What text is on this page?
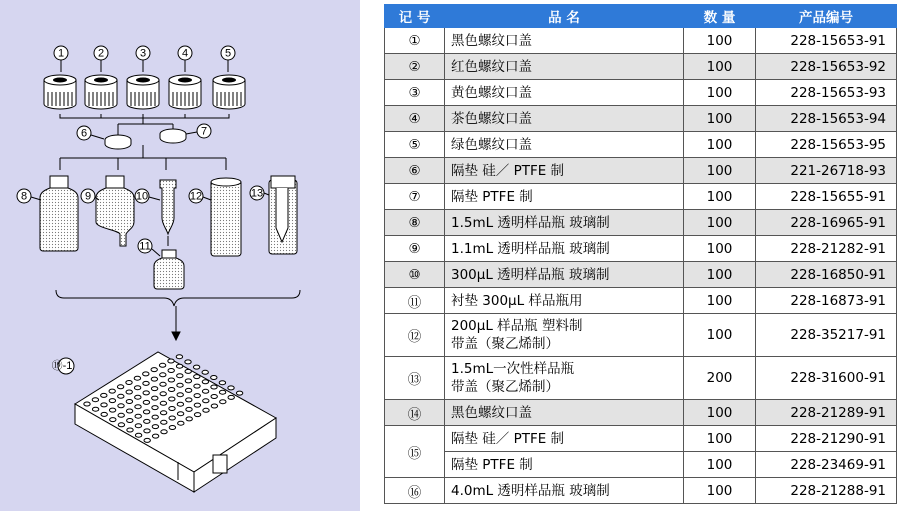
1	2	3	4	5
6	7
8	9	10
11
12	13
⑲-1
记 号	品 名	数 量	产品编号
①	黑色螺纹口盖	100	228-15653-91
②	红色螺纹口盖	100	228-15653-92
③	黄色螺纹口盖	100	228-15653-93
④	茶色螺纹口盖	100	228-15653-94
⑤	绿色螺纹口盖	100	228-15653-95
⑥	隔垫 硅／ PTFE 制	100	221-26718-93
⑦	隔垫 PTFE 制	100	228-15655-91
⑧	1.5mL 透明样品瓶 玻璃制	100	228-16965-91
⑨	1.1mL 透明样品瓶 玻璃制	100	228-21282-91
⑩	300μL 透明样品瓶 玻璃制	100	228-16850-91
⑪	衬垫 300μL 样品瓶用	100	228-16873-91
⑫	200μL 样品瓶 塑料制
带盖（聚乙烯制）	100	228-35217-91
⑬	1.5mL一次性样品瓶
带盖（聚乙烯制）	200	228-31600-91
⑭	黑色螺纹口盖	100	228-21289-91
⑮	隔垫 硅／ PTFE 制	100	228-21290-91

	隔垫 PTFE 制	100	228-23469-91
⑯	4.0mL 透明样品瓶 玻璃制	100	228-21288-91
